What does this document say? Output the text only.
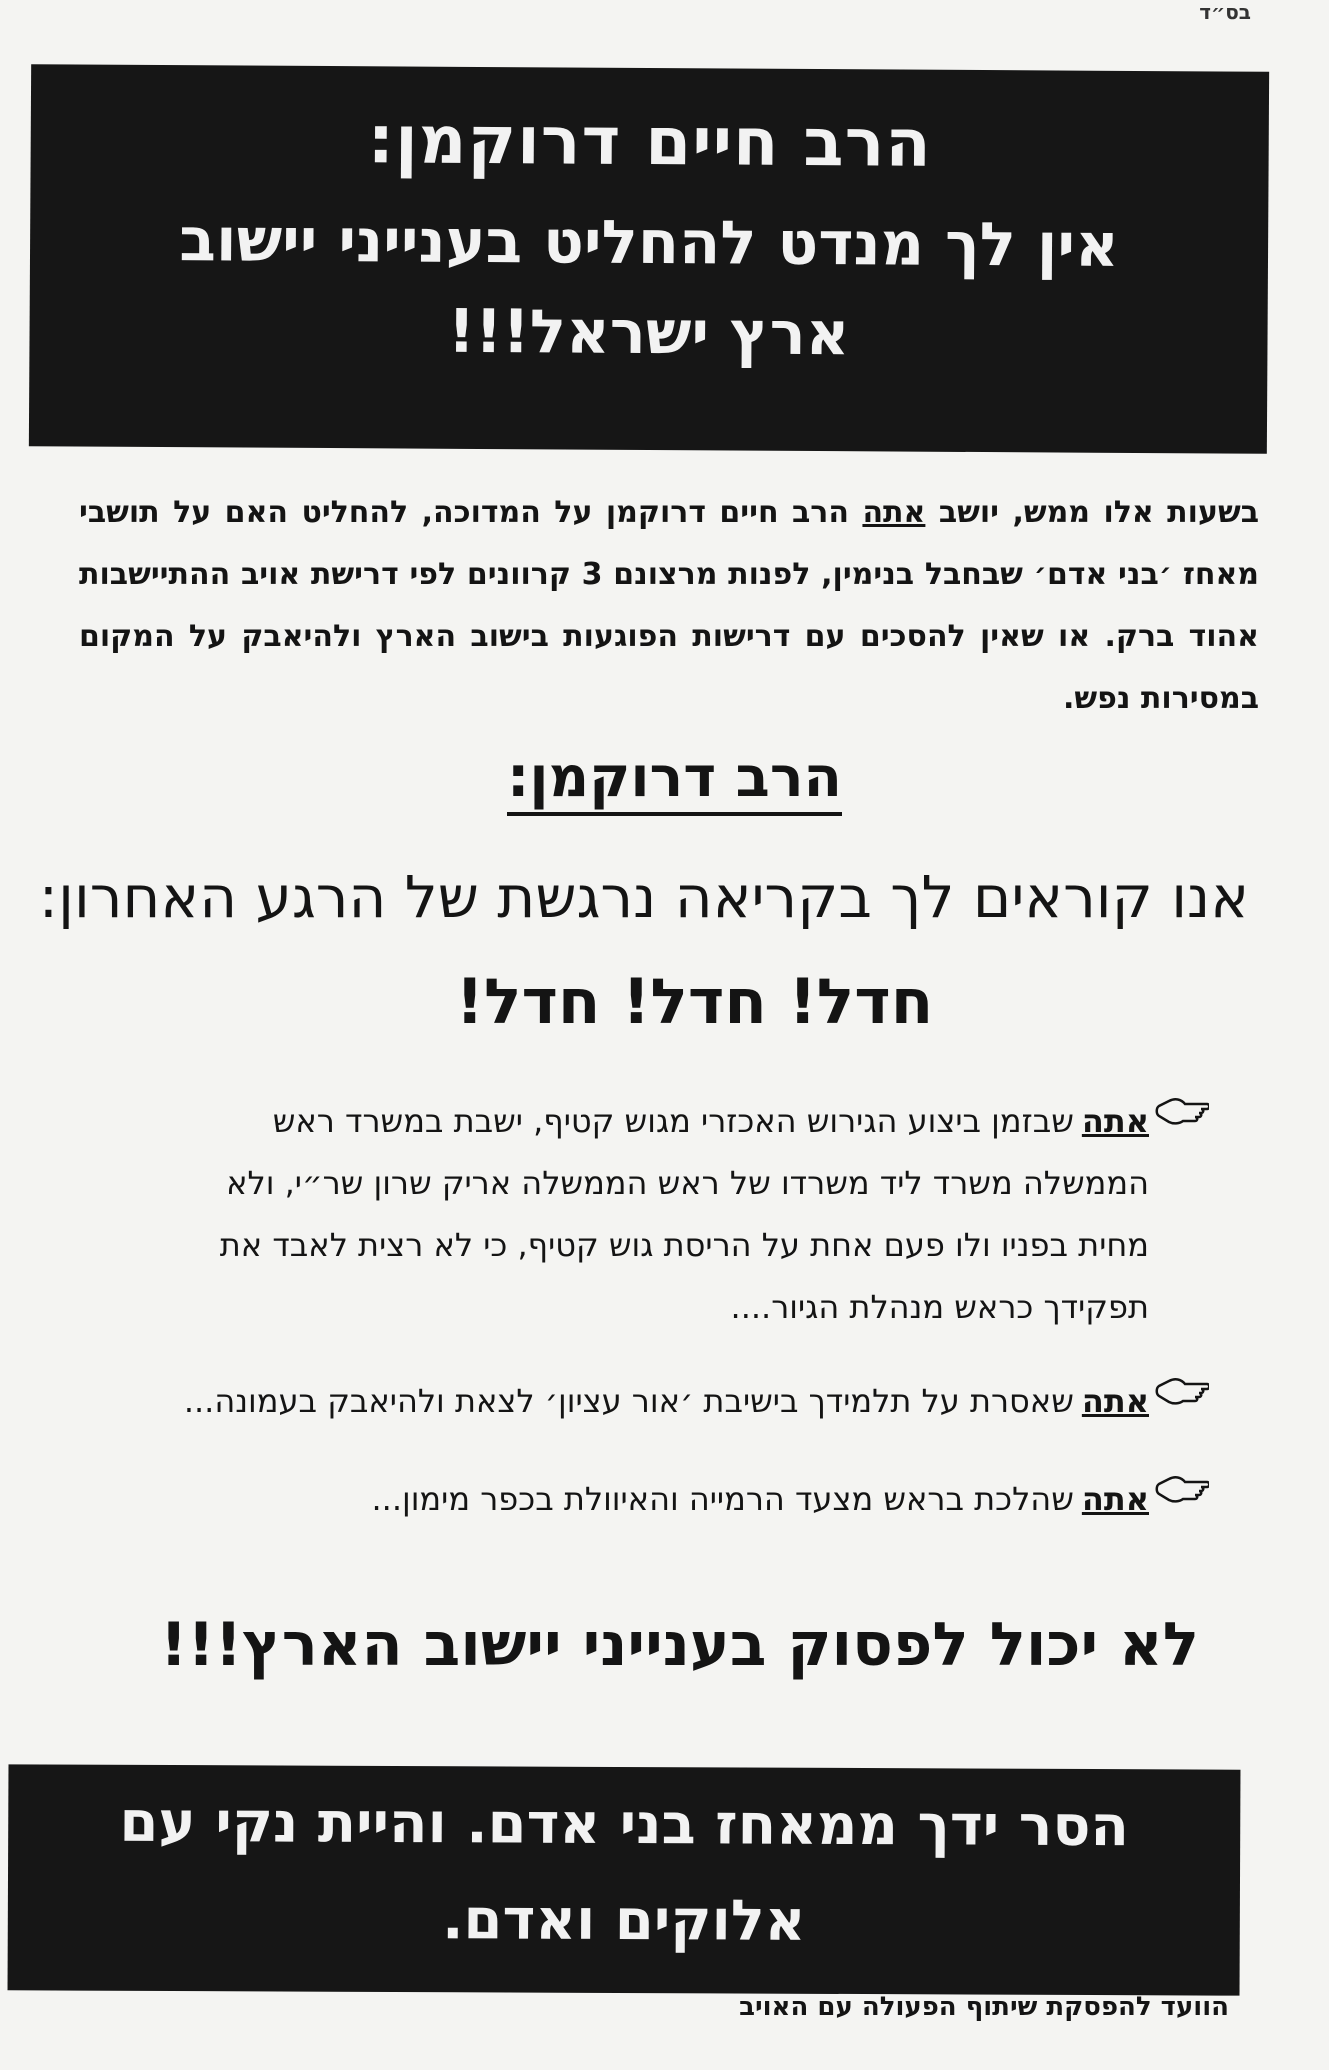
בס״ד
הרב חיים דרוקמן:
אין לך מנדט להחליט בענייני יישוב ארץ ישראל!!!
בשעות אלו ממש, יושב אתה הרב חיים דרוקמן על המדוכה, להחליט האם על תושבי מאחז ׳בני אדם׳ שבחבל בנימין, לפנות מרצונם 3 קרוונים לפי דרישת אויב ההתיישבות אהוד ברק. או שאין להסכים עם דרישות הפוגעות בישוב הארץ ולהיאבק על המקום במסירות נפש.
הרב דרוקמן:
אנו קוראים לך בקריאה נרגשת של הרגע האחרון:
חדל! חדל! חדל!
אתהשבזמן ביצוע הגירוש האכזרי מגוש קטיף, ישבת במשרד ראש
הממשלה משרד ליד משרדו של ראש הממשלה אריק שרון שר״י, ולא
מחית בפניו ולו פעם אחת על הריסת גוש קטיף, כי לא רצית לאבד את
תפקידך כראש מנהלת הגיור....
אתהשאסרת על תלמידך בישיבת ׳אור עציון׳ לצאת ולהיאבק בעמונה...
אתהשהלכת בראש מצעד הרמייה והאיוולת בכפר מימון...
לא יכול לפסוק בענייני יישוב הארץ!!!
הסר ידך ממאחז בני אדם. והיית נקי עם אלוקים ואדם.
הוועד להפסקת שיתוף הפעולה עם האויב
